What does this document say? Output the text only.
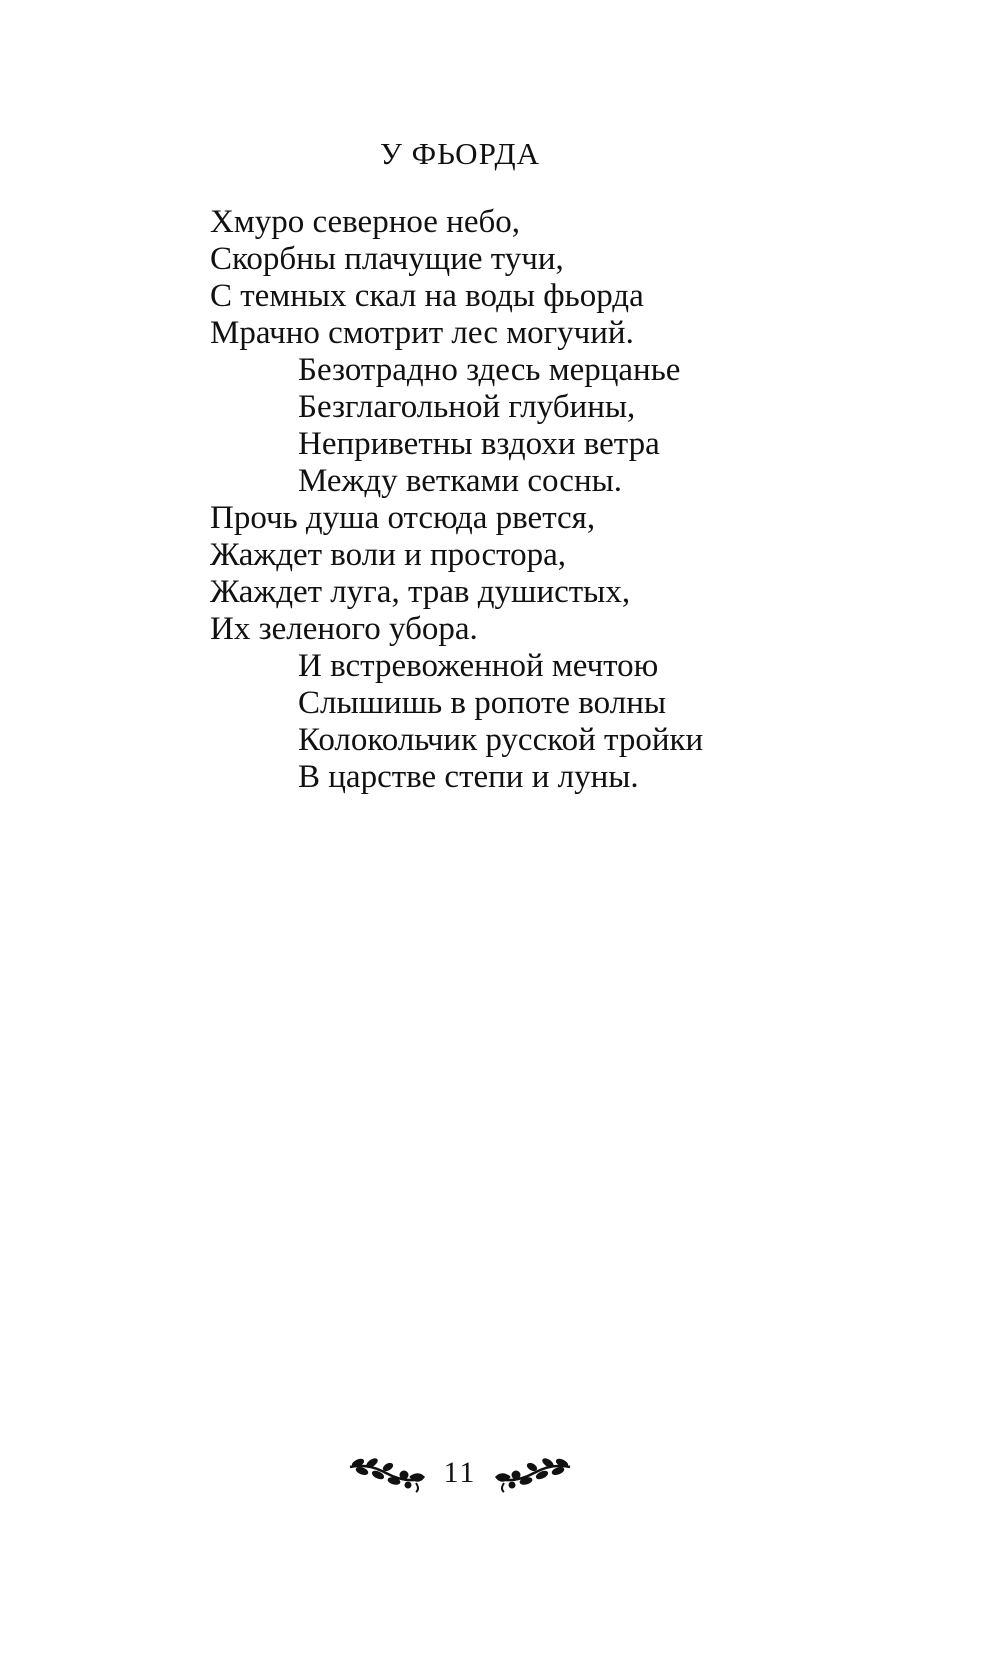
У ФЬОРДА
Хмуро северное небо,
Скорбны плачущие тучи,
С темных скал на воды фьорда
Мрачно смотрит лес могучий.
Безотрадно здесь мерцанье
Безглагольной глубины,
Неприветны вздохи ветра
Между ветками сосны.
Прочь душа отсюда рвется,
Жаждет воли и простора,
Жаждет луга, трав душистых,
Их зеленого убора.
И встревоженной мечтою
Слышишь в ропоте волны
Колокольчик русской тройки
В царстве степи и луны.
11
